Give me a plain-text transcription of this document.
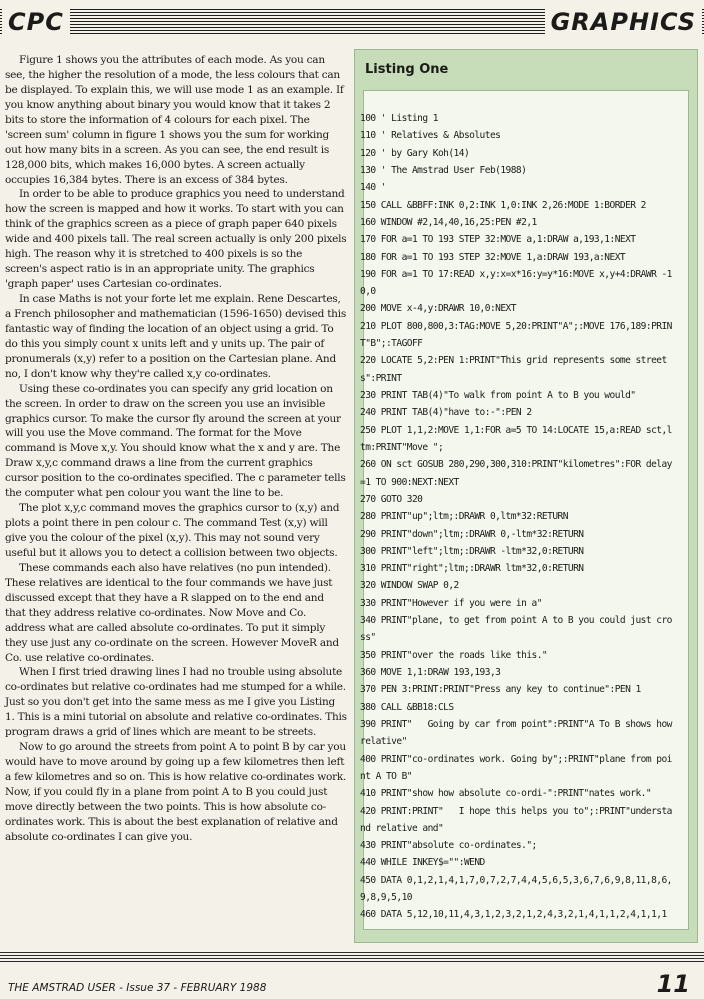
CPC	GRAPHICS

Figure 1 shows you the attributes of each mode. As you can see, the higher the resolution of a mode, the less colours that can be displayed. To explain this, we will use mode 1 as an example. If you know anything about binary you would know that it takes 2 bits to store the information of 4 colours for each pixel. The 'screen sum' column in figure 1 shows you the sum for working out how many bits in a screen. As you can see, the end result is 128,000 bits, which makes 16,000 bytes. A screen actually occupies 16,384 bytes. There is an excess of 384 bytes.

In order to be able to produce graphics you need to understand how the screen is mapped and how it works. To start with you can think of the graphics screen as a piece of graph paper 640 pixels wide and 400 pixels tall. The real screen actually is only 200 pixels high. The reason why it is stretched to 400 pixels is so the screen's aspect ratio is in an appropriate unity. The graphics 'graph paper' uses Cartesian co-ordinates.

In case Maths is not your forte let me explain. Rene Descartes, a French philosopher and mathematician (1596-1650) devised this fantastic way of finding the location of an object using a grid. To do this you simply count x units left and y units up. The pair of pronumerals (x,y) refer to a position on the Cartesian plane. And no, I don't know why they're called x,y co-ordinates.

Using these co-ordinates you can specify any grid location on the screen. In order to draw on the screen you use an invisible graphics cursor. To make the cursor fly around the screen at your will you use the Move command. The format for the Move command is Move x,y. You should know what the x and y are. The Draw x,y,c command draws a line from the current graphics cursor position to the co-ordinates specified. The c parameter tells the computer what pen colour you want the line to be.

The plot x,y,c command moves the graphics cursor to (x,y) and plots a point there in pen colour c. The command Test (x,y) will give you the colour of the pixel (x,y). This may not sound very useful but it allows you to detect a collision between two objects.

These commands each also have relatives (no pun intended). These relatives are identical to the four commands we have just discussed except that they have a R slapped on to the end and that they address relative co-ordinates. Now Move and Co. address what are called absolute co-ordinates. To put it simply they use just any co-ordinate on the screen. However MoveR and Co. use relative co-ordinates.

When I first tried drawing lines I had no trouble using absolute co-ordinates but relative co-ordinates had me stumped for a while. Just so you don't get into the same mess as me I give you Listing 1. This is a mini tutorial on absolute and relative co-ordinates. This program draws a grid of lines which are meant to be streets.

Now to go around the streets from point A to point B by car you would have to move around by going up a few kilometres then left a few kilometres and so on. This is how relative co-ordinates work. Now, if you could fly in a plane from point A to B you could just move directly between the two points. This is how absolute co-ordinates work. This is about the best explanation of relative and absolute co-ordinates I can give you.

Listing One
100 ' Listing 1
110 ' Relatives & Absolutes
120 ' by Gary Koh(14)
130 ' The Amstrad User Feb(1988)
140 '
150 CALL &BBFF:INK 0,2:INK 1,0:INK 2,26:MODE 1:BORDER 2
160 WINDOW #2,14,40,16,25:PEN #2,1
170 FOR a=1 TO 193 STEP 32:MOVE a,1:DRAW a,193,1:NEXT
180 FOR a=1 TO 193 STEP 32:MOVE 1,a:DRAW 193,a:NEXT
190 FOR a=1 TO 17:READ x,y:x=x*16:y=y*16:MOVE x,y+4:DRAWR -10,0
200 MOVE x-4,y:DRAWR 10,0:NEXT
210 PLOT 800,800,3:TAG:MOVE 5,20:PRINT"A";:MOVE 176,189:PRINT"B";:TAGOFF
220 LOCATE 5,2:PEN 1:PRINT"This grid represents some streets":PRINT
230 PRINT TAB(4)"To walk from point A to B you would"
240 PRINT TAB(4)"have to:-":PEN 2
250 PLOT 1,1,2:MOVE 1,1:FOR a=5 TO 14:LOCATE 15,a:READ sct,ltm:PRINT"Move ";
260 ON sct GOSUB 280,290,300,310:PRINT"kilometres":FOR delay=1 TO 900:NEXT:NEXT
270 GOTO 320
280 PRINT"up";ltm;:DRAWR 0,ltm*32:RETURN
290 PRINT"down";ltm;:DRAWR 0,-ltm*32:RETURN
300 PRINT"left";ltm;:DRAWR -ltm*32,0:RETURN
310 PRINT"right";ltm;:DRAWR ltm*32,0:RETURN
320 WINDOW SWAP 0,2
330 PRINT"However if you were in a"
340 PRINT"plane, to get from point A to B you could just cross"
350 PRINT"over the roads like this."
360 MOVE 1,1:DRAW 193,193,3
370 PEN 3:PRINT:PRINT"Press any key to continue":PEN 1
380 CALL &BB18:CLS
390 PRINT"   Going by car from point":PRINT"A To B shows how relative"
400 PRINT"co-ordinates work. Going by";:PRINT"plane from point A TO B"
410 PRINT"show how absolute co-ordi-":PRINT"nates work."
420 PRINT:PRINT"   I hope this helps you to";:PRINT"understand relative and"
430 PRINT"absolute co-ordinates.";
440 WHILE INKEY$="":WEND
450 DATA 0,1,2,1,4,1,7,0,7,2,7,4,4,5,6,5,3,6,7,6,9,8,11,8,6,9,8,9,5,10
460 DATA 5,12,10,11,4,3,1,2,3,2,1,2,4,3,2,1,4,1,1,2,4,1,1,1
THE AMSTRAD USER - Issue 37 - FEBRUARY 1988	11
